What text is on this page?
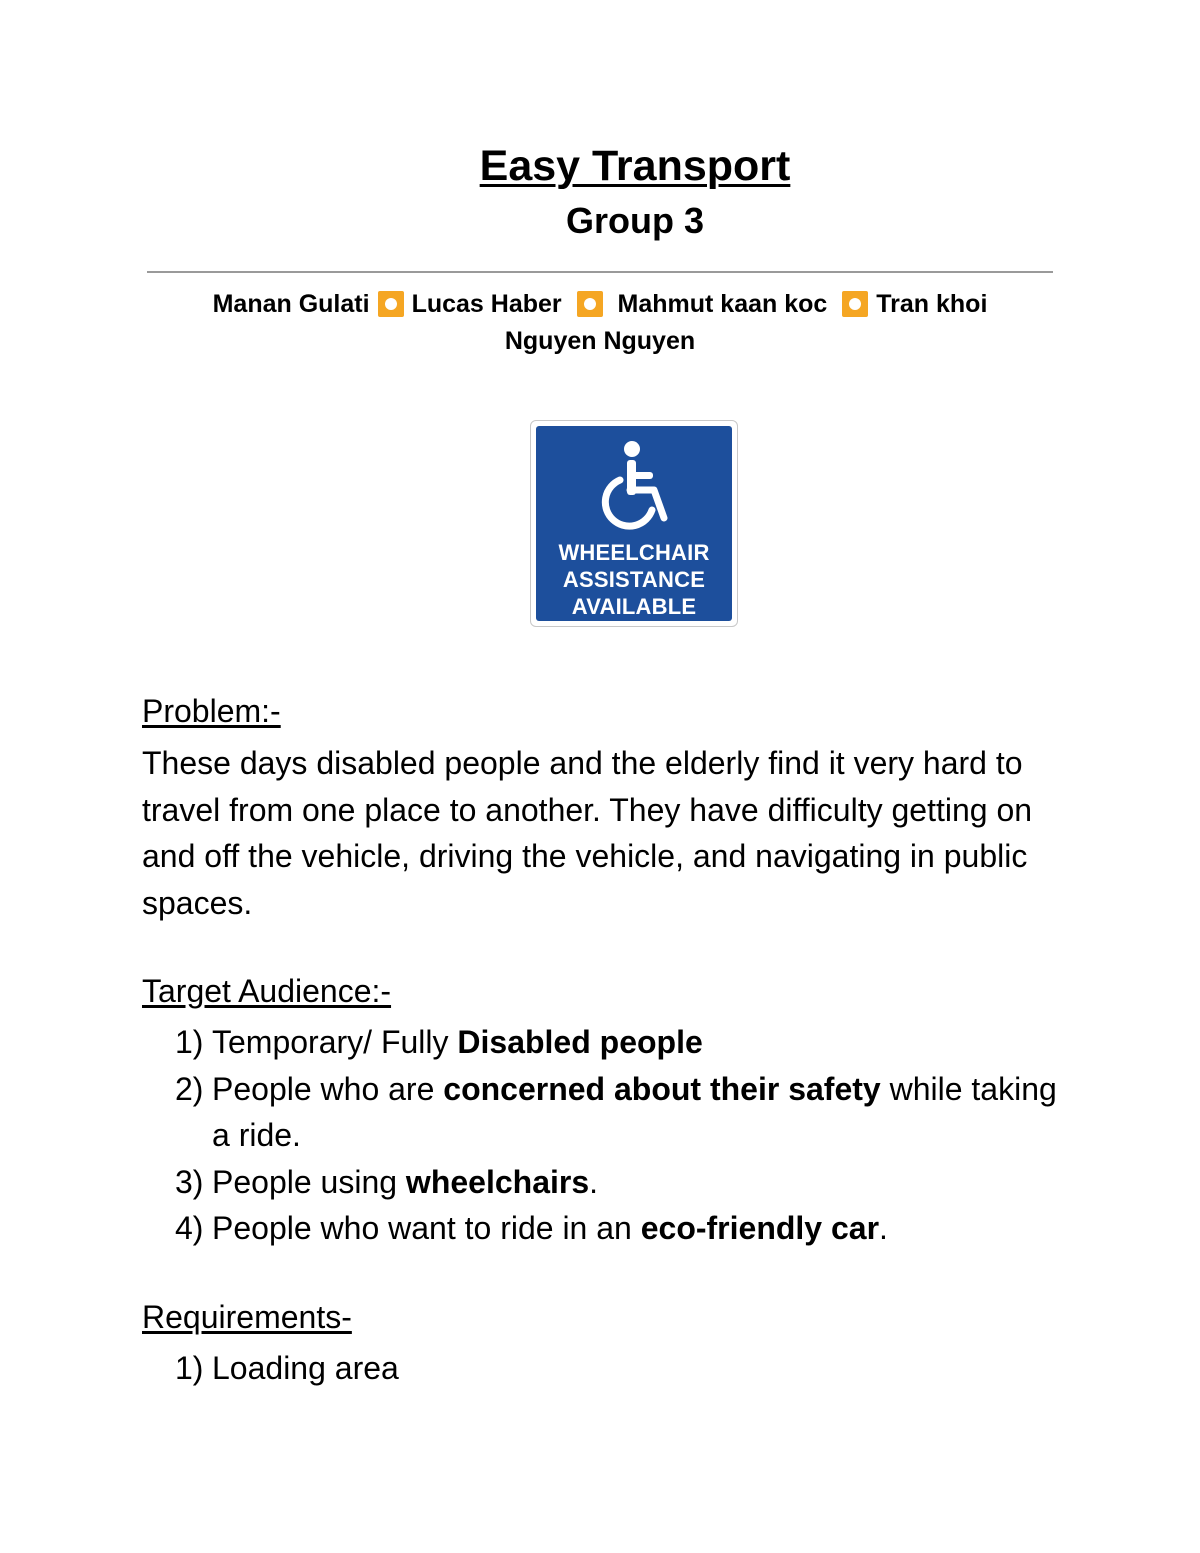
Easy Transport
Group 3
Manan Gulati Lucas Haber Mahmut kaan koc Tran khoi
Nguyen Nguyen
WHEELCHAIR
ASSISTANCE
AVAILABLE
Problem:-
These days disabled people and the elderly find it very hard to travel from one place to another. They have difficulty getting on and off the vehicle, driving the vehicle, and navigating in public spaces.
Target Audience:-
1) Temporary/ Fully Disabled people
2) People who are concerned about their safety while taking a ride.
3) People using wheelchairs.
4) People who want to ride in an eco-friendly car.
Requirements-
1) Loading area
